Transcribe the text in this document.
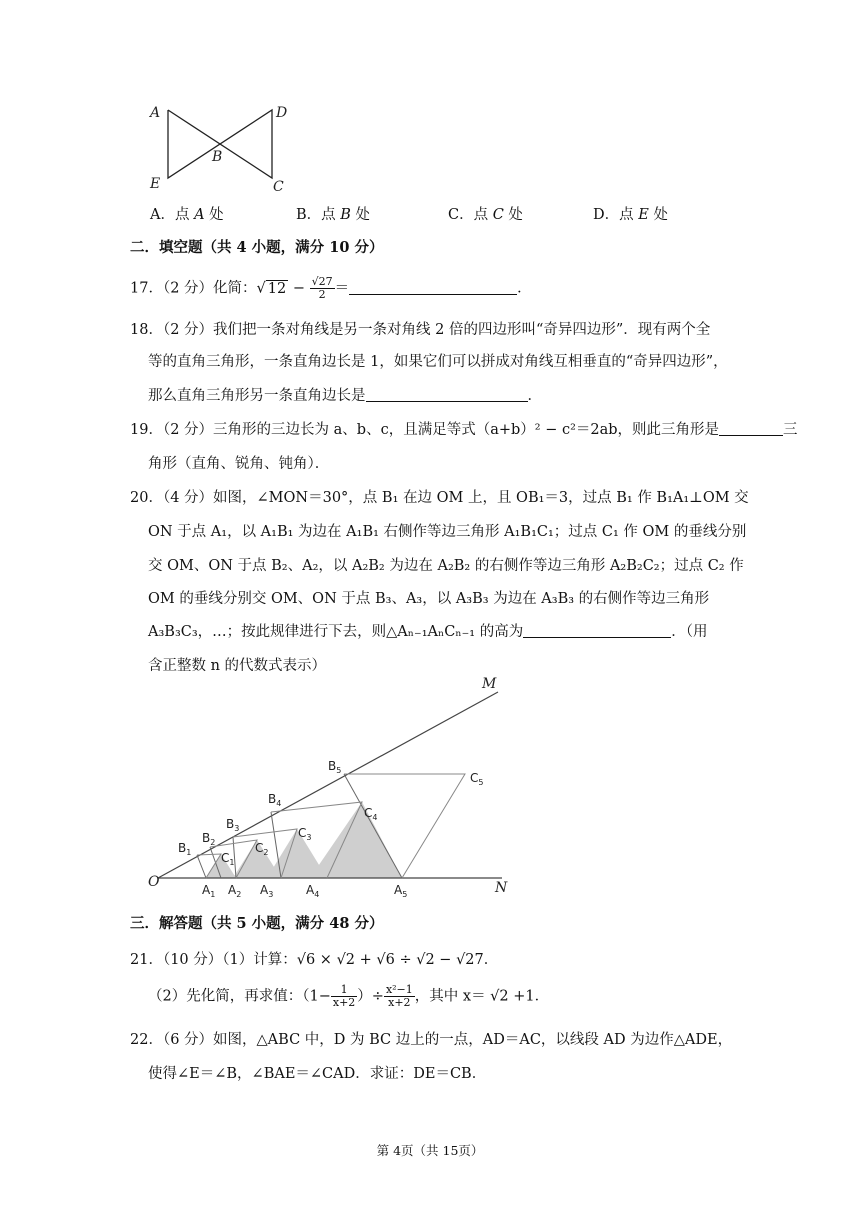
A	D
B
E	C
A．点 A 处	B．点 B 处	C．点 C 处	D．点 E 处
二．填空题（共 4 小题，满分 10 分）
17．（2 分）化简：√ $12 - \frac{√27}{2}$ ＝	．
18．（2 分）我们把一条对角线是另一条对角线 2 倍的四边形叫“奇异四边形”．现有两个全
等的直角三角形，一条直角边长是 1，如果它们可以拼成对角线互相垂直的“奇异四边形”，
那么直角三角形另一条直角边长是	．
19．（2 分）三角形的三边长为 a、b、c，且满足等式（a+b）² − c²＝2ab，则此三角形是	三
角形（直角、锐角、钝角）．
20．（4 分）如图，∠MON＝30°，点 B₁ 在边 OM 上，且 OB₁＝3，过点 B₁ 作 B₁A₁⊥OM 交
ON 于点 A₁，以 A₁B₁ 为边在 A₁B₁ 右侧作等边三角形 A₁B₁C₁；过点 C₁ 作 OM 的垂线分别
交 OM、ON 于点 B₂、A₂，以 A₂B₂ 为边在 A₂B₂ 的右侧作等边三角形 A₂B₂C₂；过点 C₂ 作
OM 的垂线分别交 OM、ON 于点 B₃、A₃，以 A₃B₃ 为边在 A₃B₃ 的右侧作等边三角形
A₃B₃C₃，…；按此规律进行下去，则△Aₙ₋₁AₙCₙ₋₁ 的高为	．（用
含正整数 n 的代数式表示）
M
N
O
$B_1$
$B_2$
$B_3$
$B_4$
$B_5$
$C_1$
$C_2$
$C_3$
$C_4$
$C_5$
$A_1$ $A_2$ $A_3$	$A_4$	$A_5$
三．解答题（共 5 小题，满分 48 分）
21．（10 分）（1）计算：√6 × √2 + √6 ÷ √2 − √27．
（2）先化简，再求值：（$1- \frac{1}{x+2}$ ）÷ $\frac{\text{x²−1}}{x+2}$ ，其中 x＝ √2 +1．
22．（6 分）如图，△ABC 中，D 为 BC 边上的一点，AD＝AC，以线段 AD 为边作△ADE，
使得∠E＝∠B，∠BAE＝∠CAD．求证：DE＝CB．
第 4页（共 15页）
